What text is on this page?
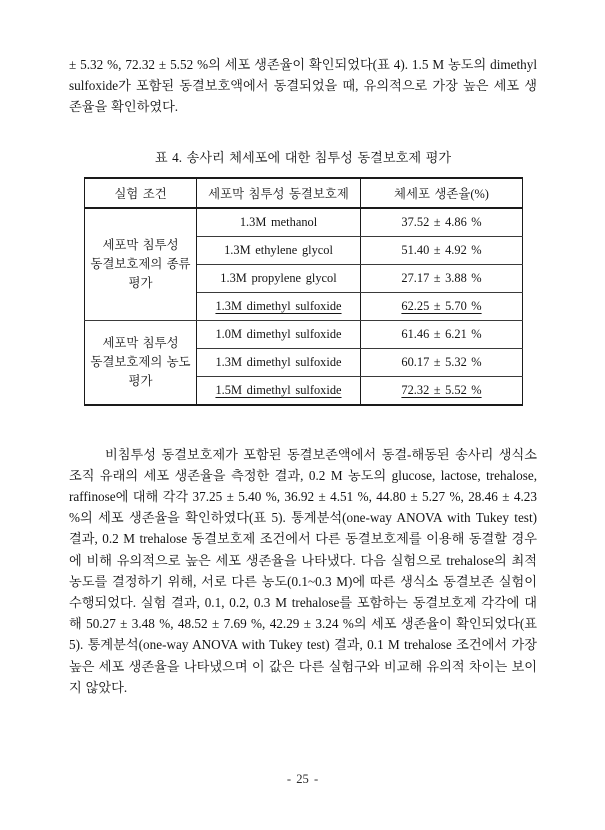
± 5.32 %, 72.32 ± 5.52 %의 세포 생존율이 확인되었다(표 4). 1.5 M 농도의 dimethyl sulfoxide가 포함된 동결보호액에서 동결되었을 때, 유의적으로 가장 높은 세포 생존율을 확인하였다.

표 4. 송사리 체세포에 대한 침투성 동결보호제 평가

실험 조건	세포막 침투성 동결보호제	체세포 생존율(%)

세포막 침투성
동결보호제의 종류
평가	1.3M methanol	37.52 ± 4.86 %
	1.3M ethylene glycol	51.40 ± 4.92 %
	1.3M propylene glycol	27.17 ± 3.88 %
	1.3M dimethyl sulfoxide	62.25 ± 5.70 %

세포막 침투성
동결보호제의 농도
평가	1.0M dimethyl sulfoxide	61.46 ± 6.21 %
	1.3M dimethyl sulfoxide	60.17 ± 5.32 %
	1.5M dimethyl sulfoxide	72.32 ± 5.52 %

비침투성 동결보호제가 포함된 동결보존액에서 동결-해동된 송사리 생식소 조직 유래의 세포 생존율을 측정한 결과, 0.2 M 농도의 glucose, lactose, trehalose, raffinose에 대해 각각 37.25 ± 5.40 %, 36.92 ± 4.51 %, 44.80 ± 5.27 %, 28.46 ± 4.23 %의 세포 생존율을 확인하였다(표 5). 통계분석(one-way ANOVA with Tukey test) 결과, 0.2 M trehalose 동결보호제 조건에서 다른 동결보호제를 이용해 동결할 경우에 비해 유의적으로 높은 세포 생존율을 나타냈다. 다음 실험으로 trehalose의 최적 농도를 결정하기 위해, 서로 다른 농도(0.1~0.3 M)에 따른 생식소 동결보존 실험이 수행되었다. 실험 결과, 0.1, 0.2, 0.3 M trehalose를 포함하는 동결보호제 각각에 대해 50.27 ± 3.48 %, 48.52 ± 7.69 %, 42.29 ± 3.24 %의 세포 생존율이 확인되었다(표 5). 통계분석(one-way ANOVA with Tukey test) 결과, 0.1 M trehalose 조건에서 가장 높은 세포 생존율을 나타냈으며 이 값은 다른 실험구와 비교해 유의적 차이는 보이지 않았다.

- 25 -
